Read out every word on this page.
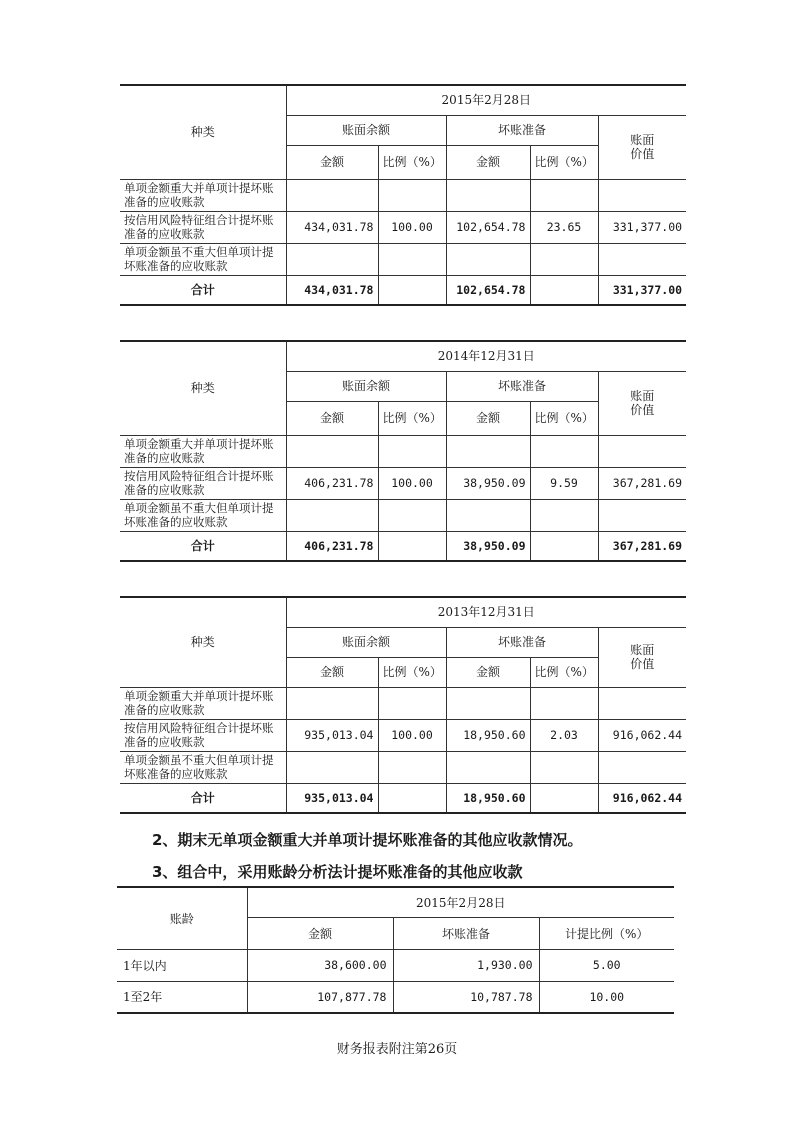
种类	2015年2月28日				
	账面余额		坏账准备		账面价值
	金额	比例（%）	金额	比例（%）	
单项金额重大并单项计提坏账准备的应收账款					
按信用风险特征组合计提坏账准备的应收账款	434,031.78	100.00	102,654.78	23.65	331,377.00
单项金额虽不重大但单项计提坏账准备的应收账款					
合计	434,031.78		102,654.78		331,377.00
种类	2014年12月31日				
	账面余额		坏账准备		账面价值
	金额	比例（%）	金额	比例（%）	
单项金额重大并单项计提坏账准备的应收账款					
按信用风险特征组合计提坏账准备的应收账款	406,231.78	100.00	38,950.09	9.59	367,281.69
单项金额虽不重大但单项计提坏账准备的应收账款					
合计	406,231.78		38,950.09		367,281.69
种类	2013年12月31日				
	账面余额		坏账准备		账面价值
	金额	比例（%）	金额	比例（%）	
单项金额重大并单项计提坏账准备的应收账款					
按信用风险特征组合计提坏账准备的应收账款	935,013.04	100.00	18,950.60	2.03	916,062.44
单项金额虽不重大但单项计提坏账准备的应收账款					
合计	935,013.04		18,950.60		916,062.44
2、期末无单项金额重大并单项计提坏账准备的其他应收款情况。
3、组合中，采用账龄分析法计提坏账准备的其他应收款
账龄	2015年2月28日		
	金额	坏账准备	计提比例（%）
1年以内	38,600.00	1,930.00	5.00
1至2年	107,877.78	10,787.78	10.00
财务报表附注第26页
